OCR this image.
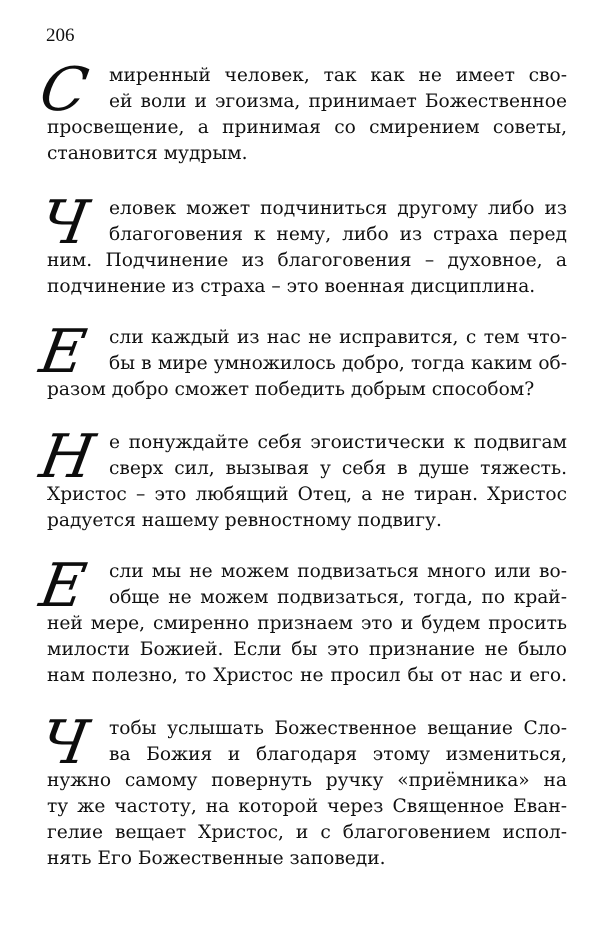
206
С миренный человек, так как не имеет сво-
ей воли и эгоизма, принимает Божественное
просвещение, а принимая со смирением советы,
становится мудрым.
Ч еловек может подчиниться другому либо из
благоговения к нему, либо из страха перед
ним. Подчинение из благоговения – духовное, а
подчинение из страха – это военная дисциплина.
Е сли каждый из нас не исправится, с тем что-
бы в мире умножилось добро, тогда каким об-
разом добро сможет победить добрым способом?
Н е понуждайте себя эгоистически к подвигам
сверх сил, вызывая у себя в душе тяжесть.
Христос – это любящий Отец, а не тиран. Христос
радуется нашему ревностному подвигу.
Е сли мы не можем подвизаться много или во-
обще не можем подвизаться, тогда, по край-
ней мере, смиренно признаем это и будем просить
милости Божией. Если бы это признание не было
нам полезно, то Христос не просил бы от нас и его.
Ч тобы услышать Божественное вещание Сло-
ва Божия и благодаря этому измениться,
нужно самому повернуть ручку «приёмника» на
ту же частоту, на которой через Священное Еван-
гелие вещает Христос, и с благоговением испол-
нять Его Божественные заповеди.
